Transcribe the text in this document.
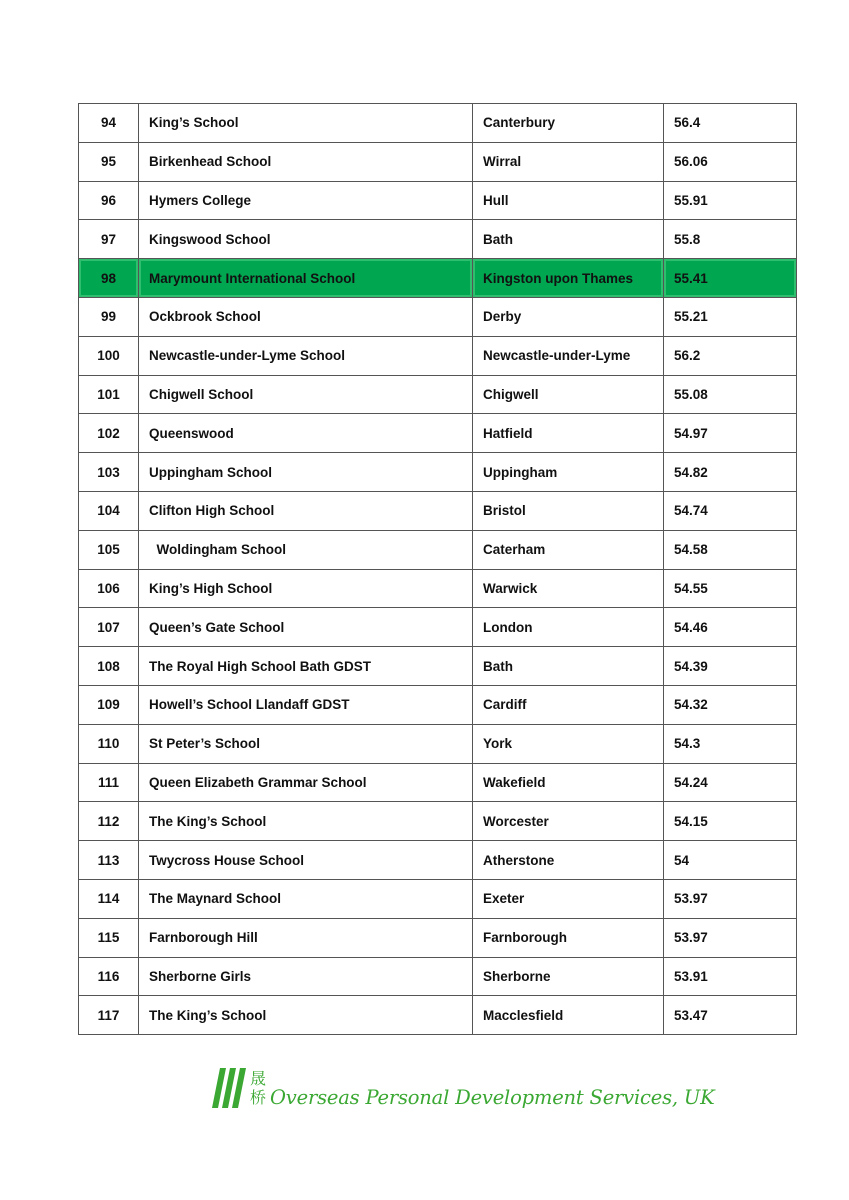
94	King’s School	Canterbury	56.4
95	Birkenhead School	Wirral	56.06
96	Hymers College	Hull	55.91
97	Kingswood School	Bath	55.8
98	Marymount International School	Kingston upon Thames	55.41
99	Ockbrook School	Derby	55.21
100	Newcastle-under-Lyme School	Newcastle-under-Lyme	56.2
101	Chigwell School	Chigwell	55.08
102	Queenswood	Hatfield	54.97
103	Uppingham School	Uppingham	54.82
104	Clifton High School	Bristol	54.74
105	Woldingham School	Caterham	54.58
106	King’s High School	Warwick	54.55
107	Queen’s Gate School	London	54.46
108	The Royal High School Bath GDST	Bath	54.39
109	Howell’s School Llandaff GDST	Cardiff	54.32
110	St Peter’s School	York	54.3
111	Queen Elizabeth Grammar School	Wakefield	54.24
112	The King’s School	Worcester	54.15
113	Twycross House School	Atherstone	54
114	The Maynard School	Exeter	53.97
115	Farnborough Hill	Farnborough	53.97
116	Sherborne Girls	Sherborne	53.91
117	The King’s School	Macclesfield	53.47
晟
桥 Overseas Personal Development Services, UK
